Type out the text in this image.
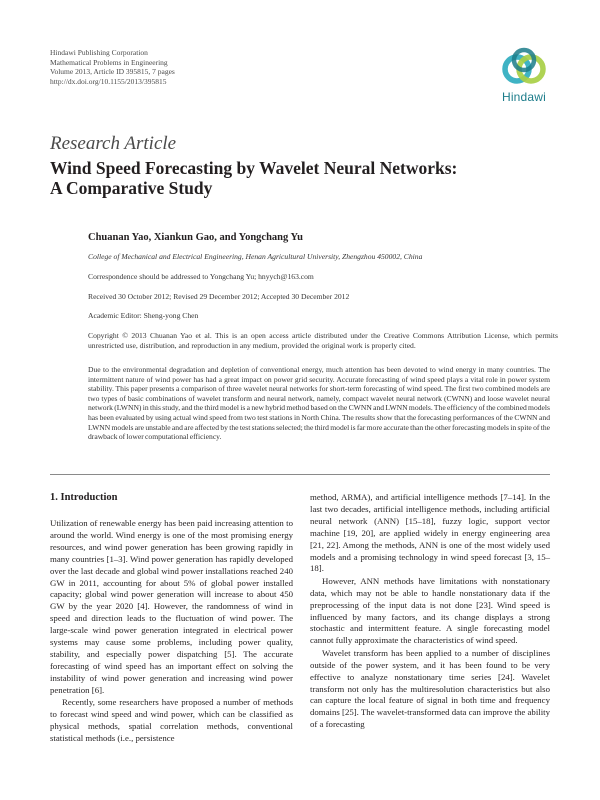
Hindawi Publishing Corporation
Mathematical Problems in Engineering
Volume 2013, Article ID 395815, 7 pages
http://dx.doi.org/10.1155/2013/395815
Hindawi
Research Article
Wind Speed Forecasting by Wavelet Neural Networks:
A Comparative Study
Chuanan Yao, Xiankun Gao, and Yongchang Yu
College of Mechanical and Electrical Engineering, Henan Agricultural University, Zhengzhou 450002, China
Correspondence should be addressed to Yongchang Yu; hnyych@163.com
Received 30 October 2012; Revised 29 December 2012; Accepted 30 December 2012
Academic Editor: Sheng-yong Chen
Copyright © 2013 Chuanan Yao et al. This is an open access article distributed under the Creative Commons Attribution License, which permits unrestricted use, distribution, and reproduction in any medium, provided the original work is properly cited.
Due to the environmental degradation and depletion of conventional energy, much attention has been devoted to wind energy in many countries. The intermittent nature of wind power has had a great impact on power grid security. Accurate forecasting of wind speed plays a vital role in power system stability. This paper presents a comparison of three wavelet neural networks for short-term forecasting of wind speed. The first two combined models are two types of basic combinations of wavelet transform and neural network, namely, compact wavelet neural network (CWNN) and loose wavelet neural network (LWNN) in this study, and the third model is a new hybrid method based on the CWNN and LWNN models. The efficiency of the combined models has been evaluated by using actual wind speed from two test stations in North China. The results show that the forecasting performances of the CWNN and LWNN models are unstable and are affected by the test stations selected; the third model is far more accurate than the other forecasting models in spite of the drawback of lower computational efficiency.
1. Introduction

Utilization of renewable energy has been paid increasing attention to around the world. Wind energy is one of the most promising energy resources, and wind power generation has been growing rapidly in many countries [1–3]. Wind power generation has rapidly developed over the last decade and global wind power installations reached 240 GW in 2011, accounting for about 5% of global power installed capacity; global wind power generation will increase to about 450 GW by the year 2020 [4]. However, the randomness of wind in speed and direction leads to the fluctuation of wind power. The large-scale wind power generation integrated in electrical power systems may cause some problems, including power quality, stability, and especially power dispatching [5]. The accurate forecasting of wind speed has an important effect on solving the instability of wind power generation and increasing wind power penetration [6].

Recently, some researchers have proposed a number of methods to forecast wind speed and wind power, which can be classified as physical methods, spatial correlation methods, conventional statistical methods (i.e., persistence

method, ARMA), and artificial intelligence methods [7–14]. In the last two decades, artificial intelligence methods, including artificial neural network (ANN) [15–18], fuzzy logic, support vector machine [19, 20], are applied widely in energy engineering area [21, 22]. Among the methods, ANN is one of the most widely used models and a promising technology in wind speed forecast [3, 15–18].

However, ANN methods have limitations with nonstationary data, which may not be able to handle nonstationary data if the preprocessing of the input data is not done [23]. Wind speed is influenced by many factors, and its change displays a strong stochastic and intermittent feature. A single forecasting model cannot fully approximate the characteristics of wind speed.

Wavelet transform has been applied to a number of disciplines outside of the power system, and it has been found to be very effective to analyze nonstationary time series [24]. Wavelet transform not only has the multiresolution characteristics but also can capture the local feature of signal in both time and frequency domains [25]. The wavelet-transformed data can improve the ability of a forecasting
